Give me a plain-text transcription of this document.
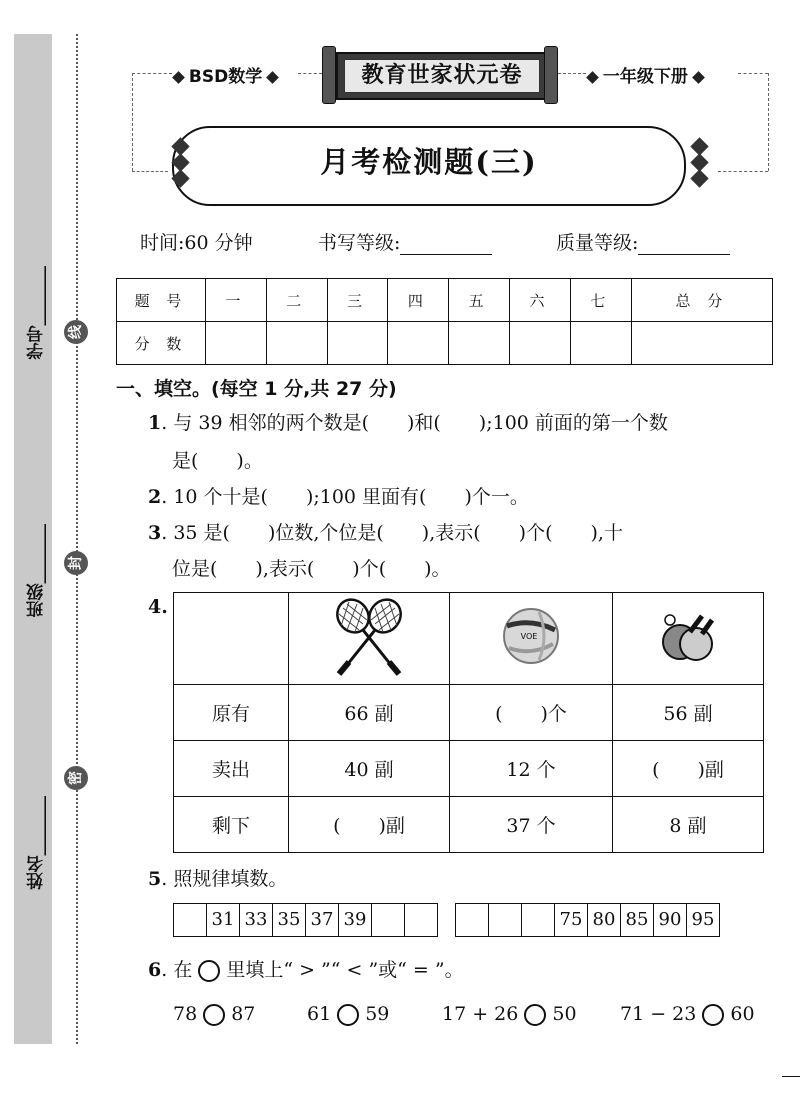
学号_______
班级_______
姓名_______
线
封
密
BSD数学	教育世家状元卷	一年级下册
月考检测题(三)
时间:60 分钟	书写等级:	质量等级:
题 号	一	二	三	四	五	六	七	总 分
分 数								
一、填空。(每空 1 分,共 27 分)
1. 与 39 相邻的两个数是(　　)和(　　);100 前面的第一个数
是(　　)。
2. 10 个十是(　　);100 里面有(　　)个一。
3. 35 是(　　)位数,个位是(　　),表示(　　)个(　　),十
位是(　　),表示(　　)个(　　)。
4.

VOE

原有	66 副	(　　)个	56 副
卖出	40 副	12 个	(　　)副
剩下	(　　)副	37 个	8 副
5. 照规律填数。
31 33 35 37 39	75 80 85 90 95
6. 在 里填上“ > ”“ < ”或“ = ”。
78 87	61 59	17 + 26 50 71 − 23 60
